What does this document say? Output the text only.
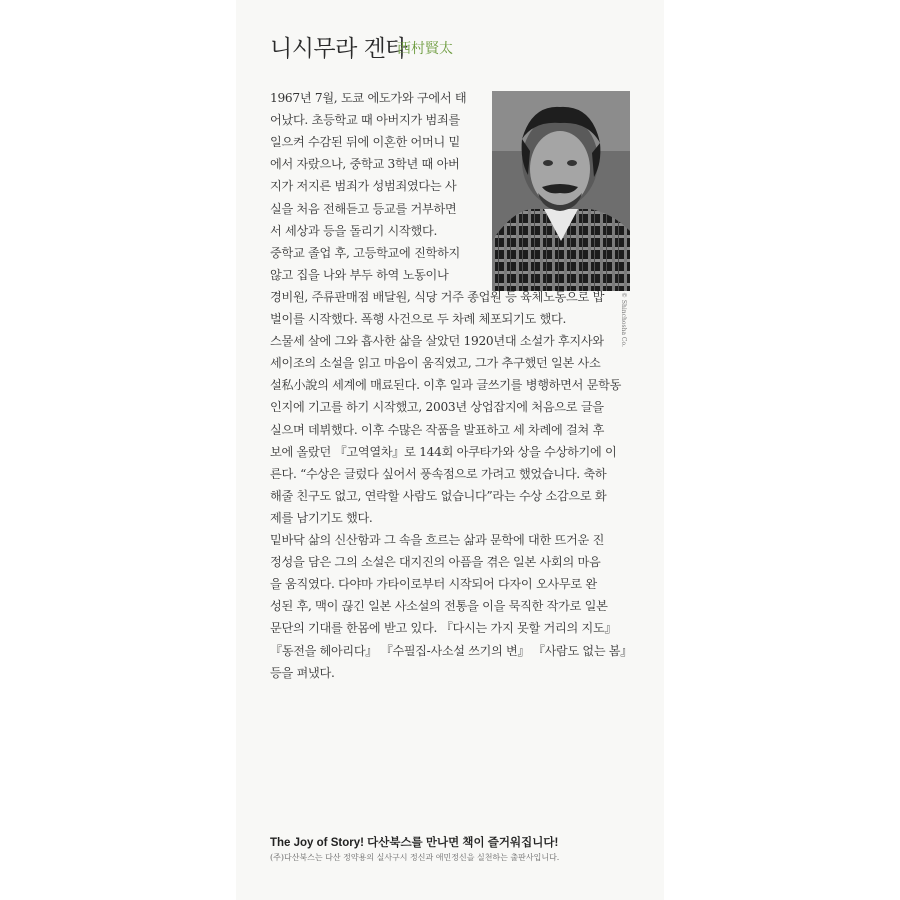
니시무라 겐타
西村賢太
© Shinchosha Co.
1967년 7월, 도쿄 에도가와 구에서 태
어났다. 초등학교 때 아버지가 범죄를
일으켜 수감된 뒤에 이혼한 어머니 밑
에서 자랐으나, 중학교 3학년 때 아버
지가 저지른 범죄가 성범죄였다는 사
실을 처음 전해듣고 등교를 거부하면
서 세상과 등을 돌리기 시작했다.
중학교 졸업 후, 고등학교에 진학하지
않고 집을 나와 부두 하역 노동이나
경비원, 주류판매점 배달원, 식당 거주 종업원 등 육체노동으로 밥
벌이를 시작했다. 폭행 사건으로 두 차례 체포되기도 했다.
스물세 살에 그와 흡사한 삶을 살았던 1920년대 소설가 후지사와
세이조의 소설을 읽고 마음이 움직였고, 그가 추구했던 일본 사소
설私小說의 세계에 매료된다. 이후 일과 글쓰기를 병행하면서 문학동
인지에 기고를 하기 시작했고, 2003년 상업잡지에 처음으로 글을
실으며 데뷔했다. 이후 수많은 작품을 발표하고 세 차례에 걸쳐 후
보에 올랐던 『고역열차』로 144회 아쿠타가와 상을 수상하기에 이
른다. “수상은 글렀다 싶어서 풍속점으로 가려고 했었습니다. 축하
해줄 친구도 없고, 연락할 사람도 없습니다”라는 수상 소감으로 화
제를 남기기도 했다.
밑바닥 삶의 신산함과 그 속을 흐르는 삶과 문학에 대한 뜨거운 진
정성을 담은 그의 소설은 대지진의 아픔을 겪은 일본 사회의 마음
을 움직였다. 다야마 가타이로부터 시작되어 다자이 오사무로 완
성된 후, 맥이 끊긴 일본 사소설의 전통을 이을 묵직한 작가로 일본
문단의 기대를 한몸에 받고 있다. 『다시는 가지 못할 거리의 지도』
『동전을 헤아리다』 『수필집-사소설 쓰기의 변』 『사람도 없는 봄』
등을 펴냈다.
The Joy of Story! 다산북스를 만나면 책이 즐거워집니다!
(주)다산북스는 다산 정약용의 실사구시 정신과 애민정신을 실천하는 출판사입니다.
